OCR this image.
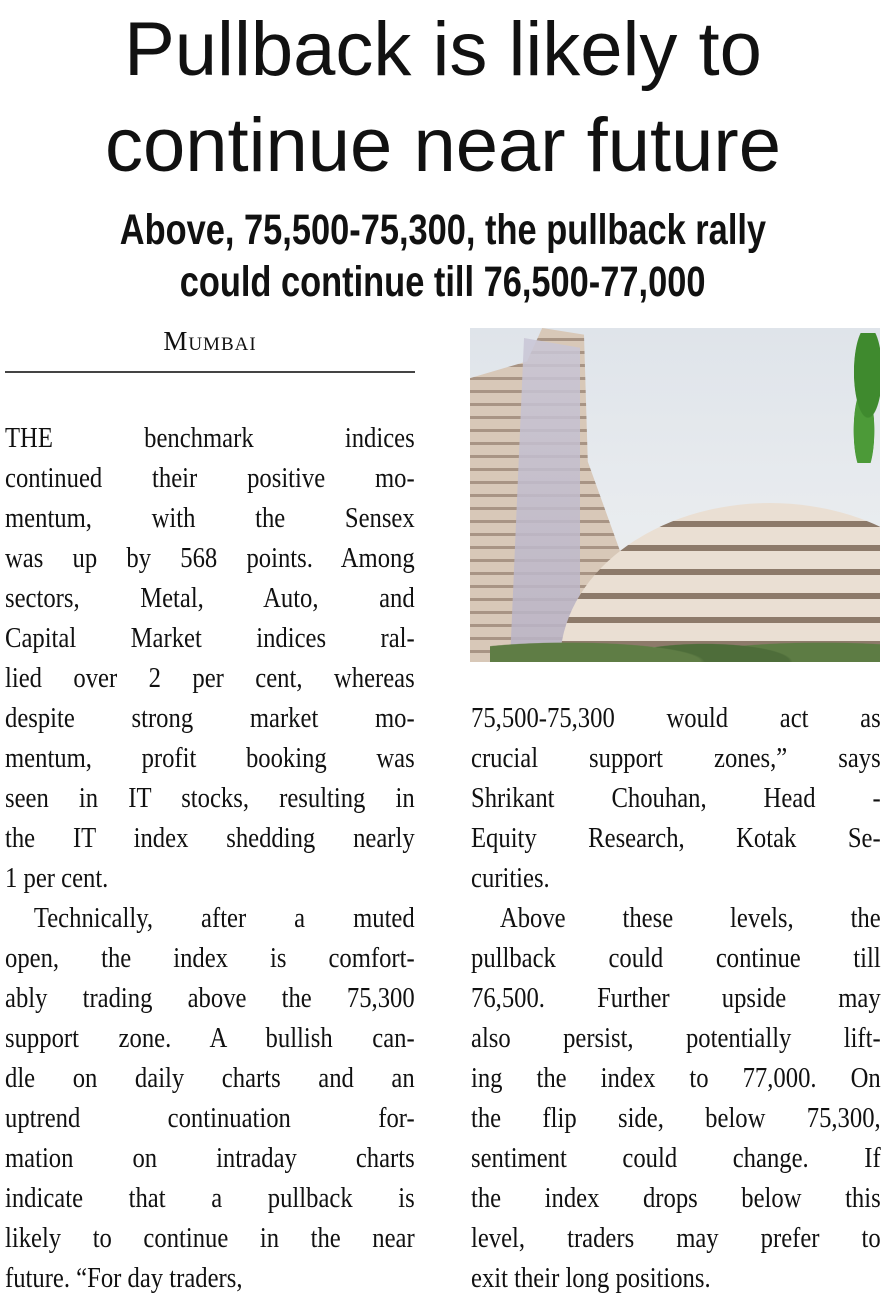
Pullback is likely to
continue near future
Above, 75,500-75,300, the pullback rally
could continue till 76,500-77,000
Mumbai
THE benchmark indices
continued their positive mo-
mentum, with the Sensex
was up by 568 points. Among
sectors, Metal, Auto, and
Capital Market indices ral-
lied over 2 per cent, whereas
despite strong market mo-
mentum, profit booking was
seen in IT stocks, resulting in
the IT index shedding nearly
1 per cent.
Technically, after a muted
open, the index is comfort-
ably trading above the 75,300
support zone. A bullish can-
dle on daily charts and an
uptrend continuation for-
mation on intraday charts
indicate that a pullback is
likely to continue in the near
future. “For day traders,
75,500-75,300 would act as
crucial support zones,” says
Shrikant Chouhan, Head -
Equity Research, Kotak Se-
curities.
Above these levels, the
pullback could continue till
76,500. Further upside may
also persist, potentially lift-
ing the index to 77,000. On
the flip side, below 75,300,
sentiment could change. If
the index drops below this
level, traders may prefer to
exit their long positions.
